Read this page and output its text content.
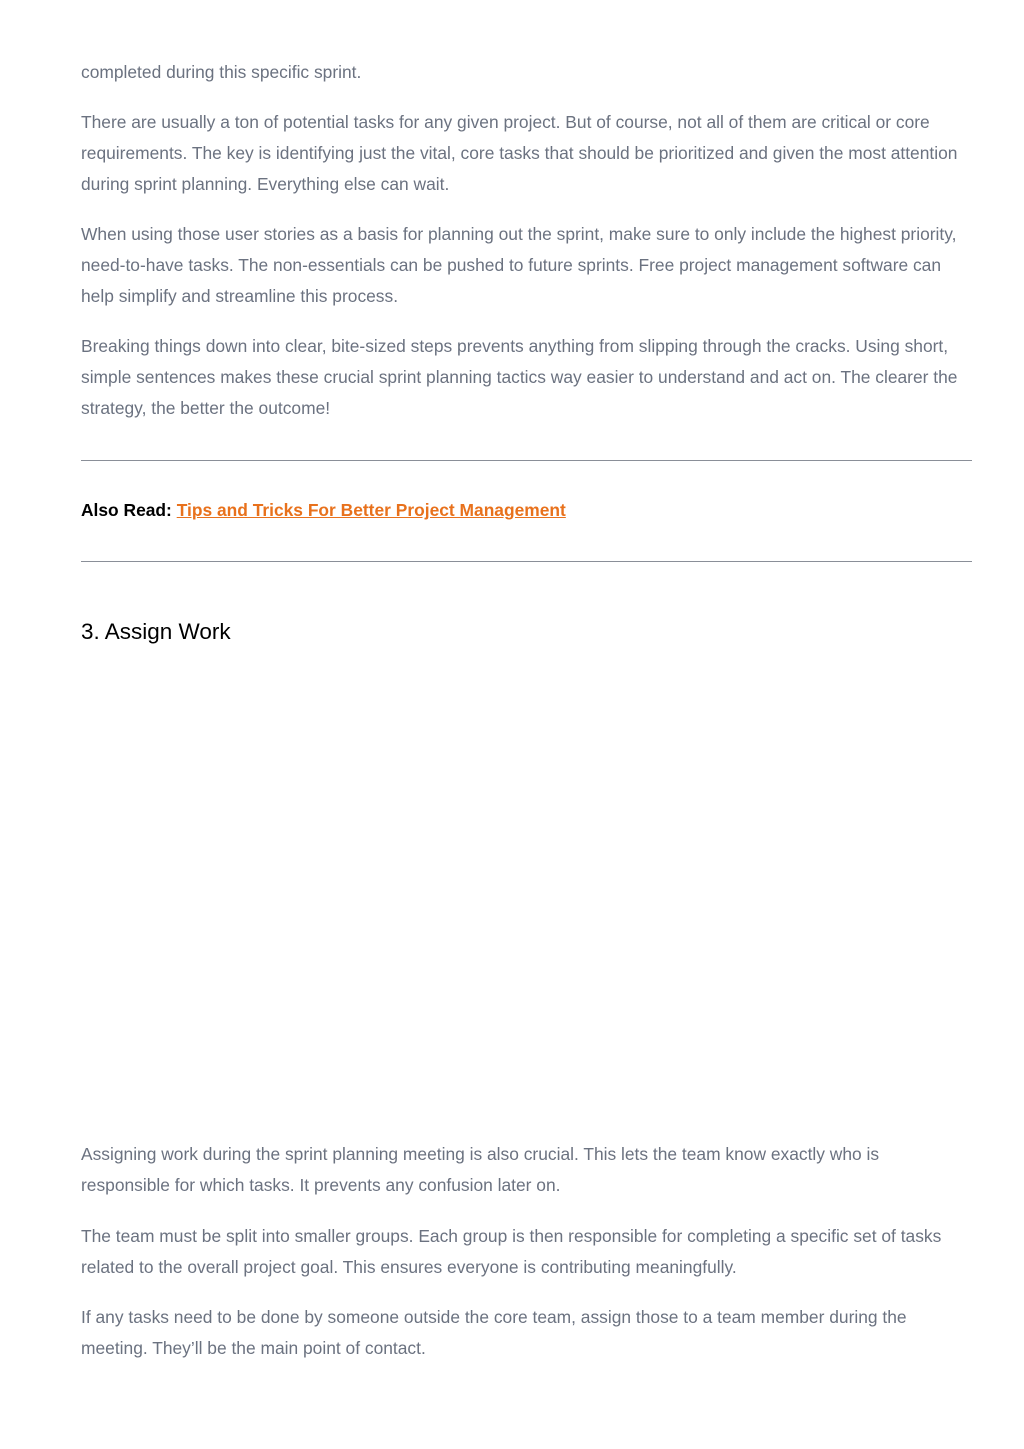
completed during this specific sprint.

There are usually a ton of potential tasks for any given project. But of course, not all of them are critical or core requirements. The key is identifying just the vital, core tasks that should be prioritized and given the most attention during sprint planning. Everything else can wait.

When using those user stories as a basis for planning out the sprint, make sure to only include the highest priority, need-to-have tasks. The non-essentials can be pushed to future sprints. Free project management software can help simplify and streamline this process.

Breaking things down into clear, bite-sized steps prevents anything from slipping through the cracks. Using short, simple sentences makes these crucial sprint planning tactics way easier to understand and act on. The clearer the strategy, the better the outcome!

Also Read: Tips and Tricks For Better Project Management
3. Assign Work

Assigning work during the sprint planning meeting is also crucial. This lets the team know exactly who is responsible for which tasks. It prevents any confusion later on.

The team must be split into smaller groups. Each group is then responsible for completing a specific set of tasks related to the overall project goal. This ensures everyone is contributing meaningfully.

If any tasks need to be done by someone outside the core team, assign those to a team member during the meeting. They’ll be the main point of contact.
